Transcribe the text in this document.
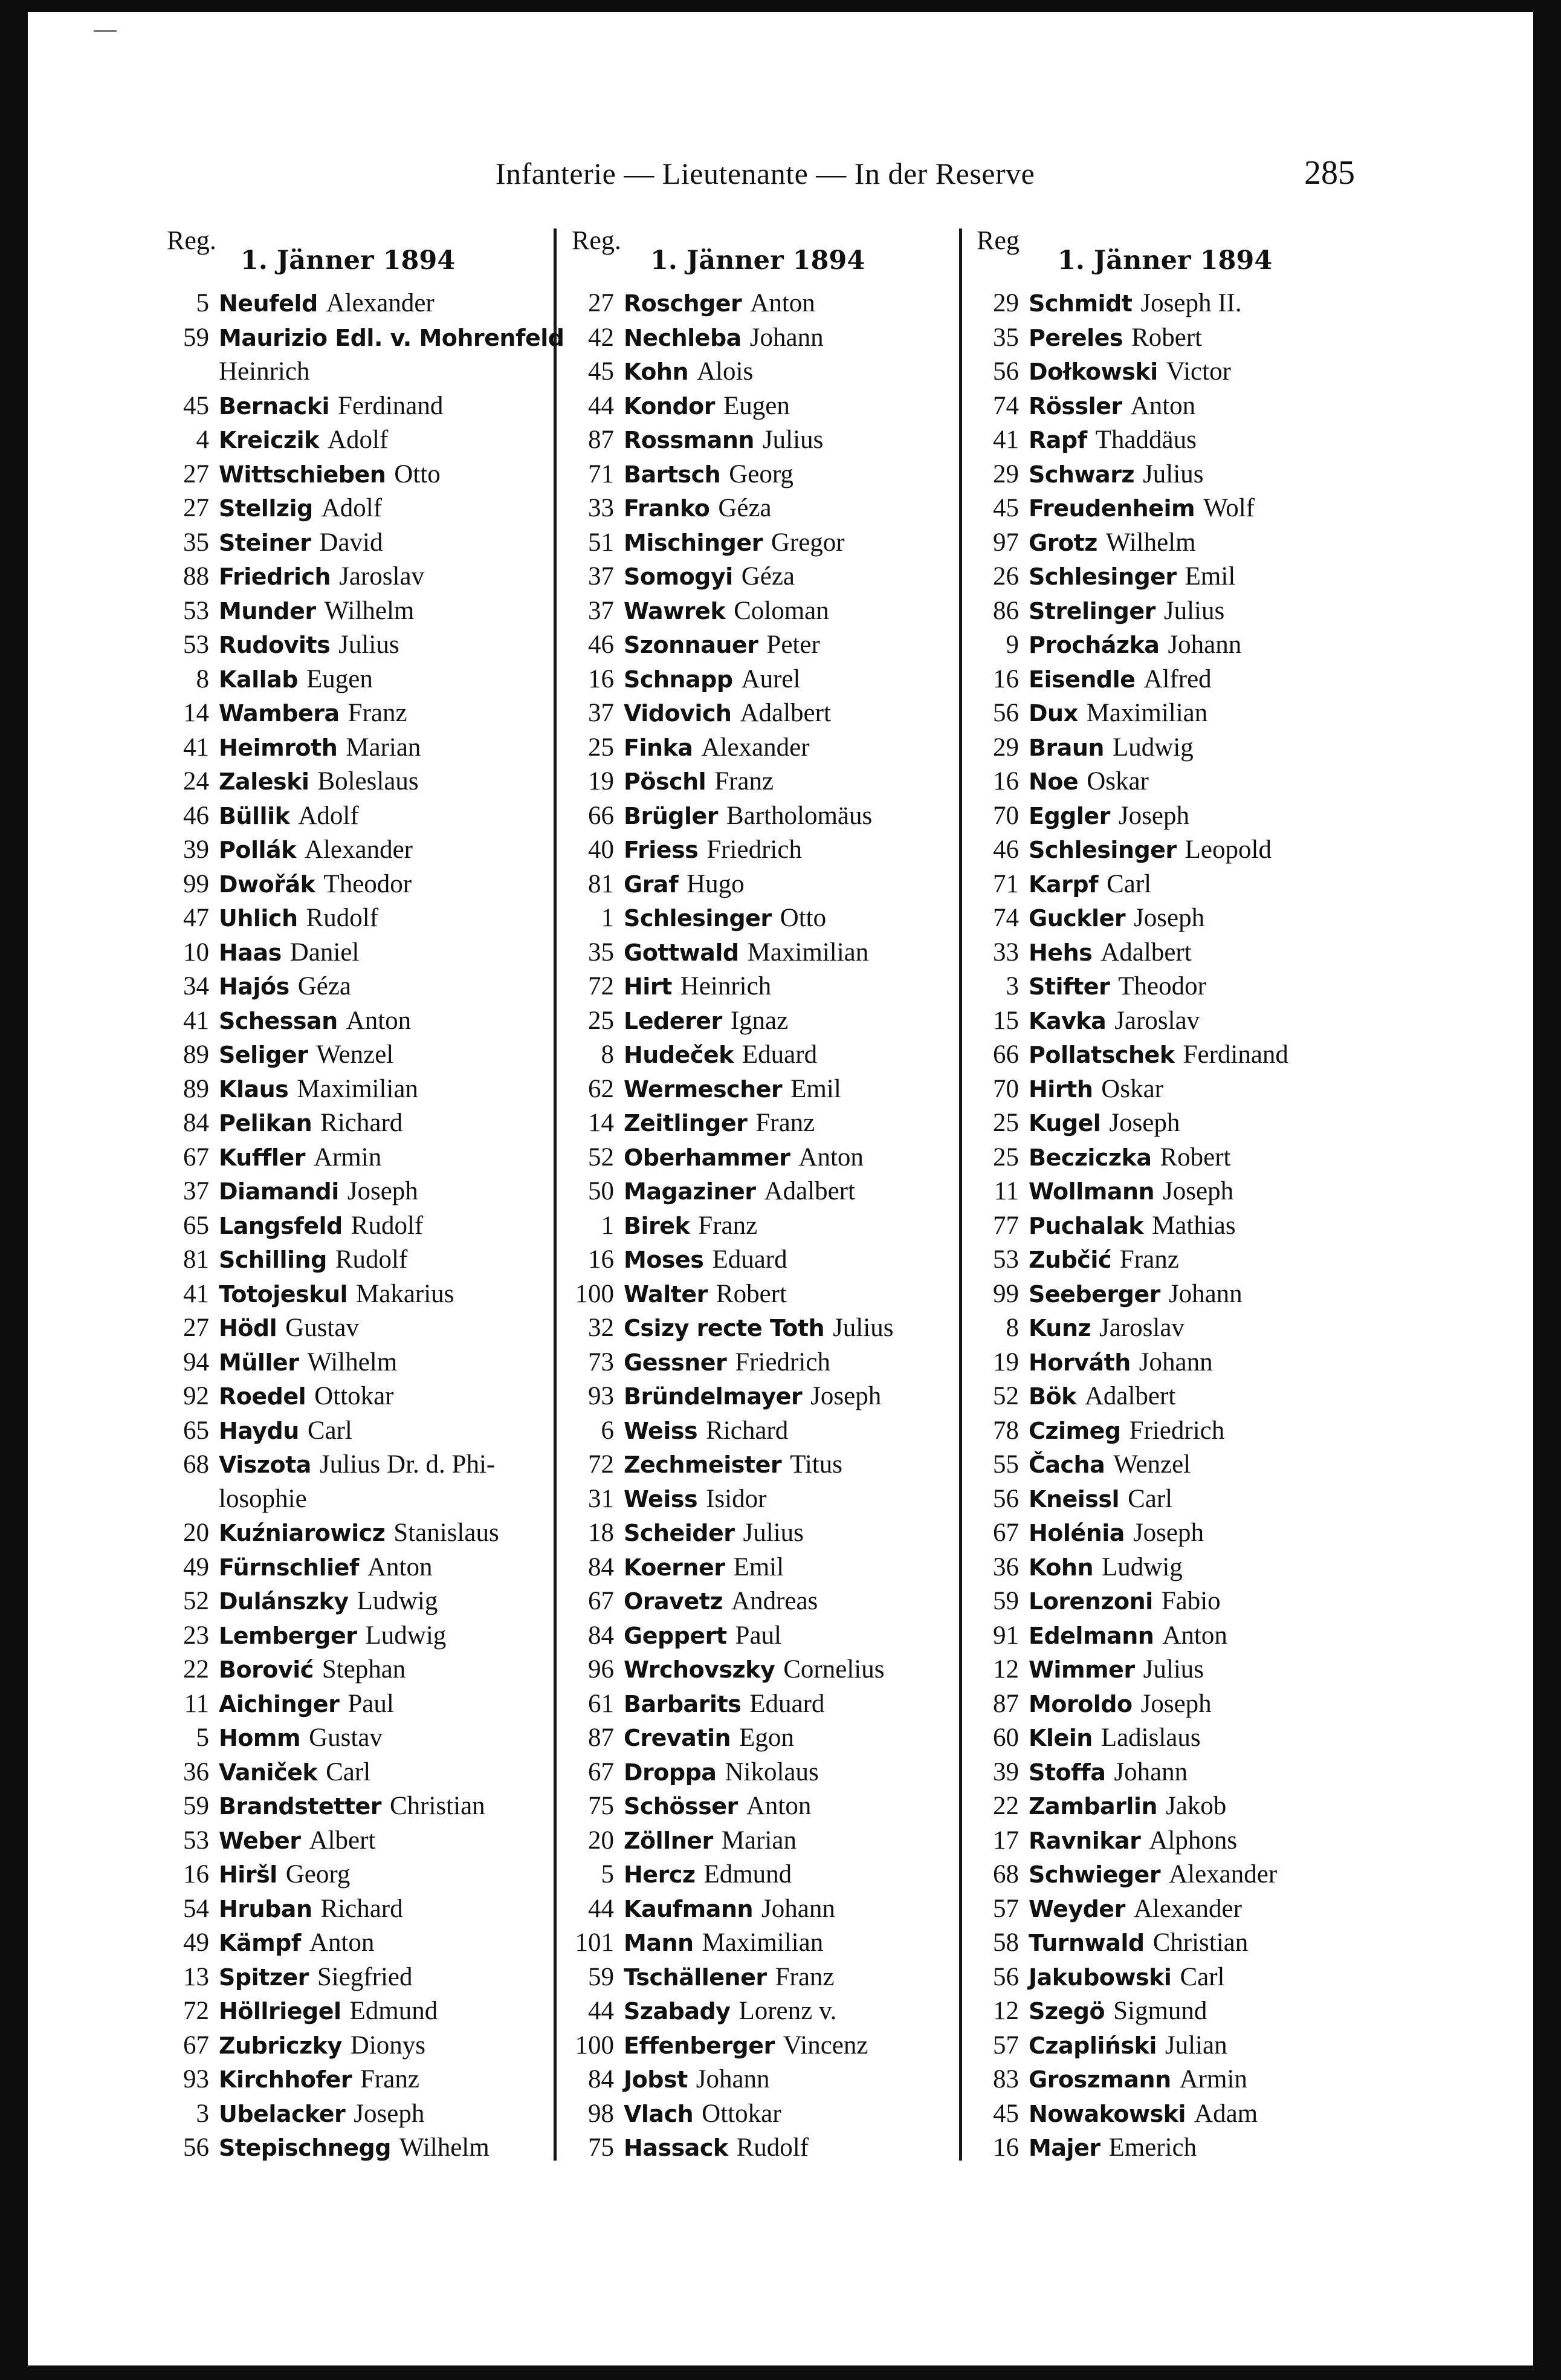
Infanterie — Lieutenante — In der Reserve	285
Reg.
1. Jänner 1894
5 Neufeld Alexander
59 Maurizio Edl. v. Mohrenfeld
Heinrich
45 Bernacki Ferdinand
4 Kreiczik Adolf
27 Wittschieben Otto
27 Stellzig Adolf
35 Steiner David
88 Friedrich Jaroslav
53 Munder Wilhelm
53 Rudovits Julius
8 Kallab Eugen
14 Wambera Franz
41 Heimroth Marian
24 Zaleski Boleslaus
46 Büllik Adolf
39 Pollák Alexander
99 Dwořák Theodor
47 Uhlich Rudolf
10 Haas Daniel
34 Hajós Géza
41 Schessan Anton
89 Seliger Wenzel
89 Klaus Maximilian
84 Pelikan Richard
67 Kuffler Armin
37 Diamandi Joseph
65 Langsfeld Rudolf
81 Schilling Rudolf
41 Totojeskul Makarius
27 Hödl Gustav
94 Müller Wilhelm
92 Roedel Ottokar
65 Haydu Carl
68 Viszota Julius Dr. d. Phi-
losophie
20 Kuźniarowicz Stanislaus
49 Fürnschlief Anton
52 Dulánszky Ludwig
23 Lemberger Ludwig
22 Borović Stephan
11 Aichinger Paul
5 Homm Gustav
36 Vaniček Carl
59 Brandstetter Christian
53 Weber Albert
16 Hiršl Georg
54 Hruban Richard
49 Kämpf Anton
13 Spitzer Siegfried
72 Höllriegel Edmund
67 Zubriczky Dionys
93 Kirchhofer Franz
3 Ubelacker Joseph
56 Stepischnegg Wilhelm
Reg.
1. Jänner 1894
27 Roschger Anton
42 Nechleba Johann
45 Kohn Alois
44 Kondor Eugen
87 Rossmann Julius
71 Bartsch Georg
33 Franko Géza
51 Mischinger Gregor
37 Somogyi Géza
37 Wawrek Coloman
46 Szonnauer Peter
16 Schnapp Aurel
37 Vidovich Adalbert
25 Finka Alexander
19 Pöschl Franz
66 Brügler Bartholomäus
40 Friess Friedrich
81 Graf Hugo
1 Schlesinger Otto
35 Gottwald Maximilian
72 Hirt Heinrich
25 Lederer Ignaz
8 Hudeček Eduard
62 Wermescher Emil
14 Zeitlinger Franz
52 Oberhammer Anton
50 Magaziner Adalbert
1 Birek Franz
16 Moses Eduard
100 Walter Robert
32 Csizy recte Toth Julius
73 Gessner Friedrich
93 Bründelmayer Joseph
6 Weiss Richard
72 Zechmeister Titus
31 Weiss Isidor
18 Scheider Julius
84 Koerner Emil
67 Oravetz Andreas
84 Geppert Paul
96 Wrchovszky Cornelius
61 Barbarits Eduard
87 Crevatin Egon
67 Droppa Nikolaus
75 Schösser Anton
20 Zöllner Marian
5 Hercz Edmund
44 Kaufmann Johann
101 Mann Maximilian
59 Tschällener Franz
44 Szabady Lorenz v.
100 Effenberger Vincenz
84 Jobst Johann
98 Vlach Ottokar
75 Hassack Rudolf
Reg
1. Jänner 1894
29 Schmidt Joseph II.
35 Pereles Robert
56 Dołkowski Victor
74 Rössler Anton
41 Rapf Thaddäus
29 Schwarz Julius
45 Freudenheim Wolf
97 Grotz Wilhelm
26 Schlesinger Emil
86 Strelinger Julius
9 Procházka Johann
16 Eisendle Alfred
56 Dux Maximilian
29 Braun Ludwig
16 Noe Oskar
70 Eggler Joseph
46 Schlesinger Leopold
71 Karpf Carl
74 Guckler Joseph
33 Hehs Adalbert
3 Stifter Theodor
15 Kavka Jaroslav
66 Pollatschek Ferdinand
70 Hirth Oskar
25 Kugel Joseph
25 Becziczka Robert
11 Wollmann Joseph
77 Puchalak Mathias
53 Zubčić Franz
99 Seeberger Johann
8 Kunz Jaroslav
19 Horváth Johann
52 Bök Adalbert
78 Czimeg Friedrich
55 Čacha Wenzel
56 Kneissl Carl
67 Holénia Joseph
36 Kohn Ludwig
59 Lorenzoni Fabio
91 Edelmann Anton
12 Wimmer Julius
87 Moroldo Joseph
60 Klein Ladislaus
39 Stoffa Johann
22 Zambarlin Jakob
17 Ravnikar Alphons
68 Schwieger Alexander
57 Weyder Alexander
58 Turnwald Christian
56 Jakubowski Carl
12 Szegö Sigmund
57 Czapliński Julian
83 Groszmann Armin
45 Nowakowski Adam
16 Majer Emerich
